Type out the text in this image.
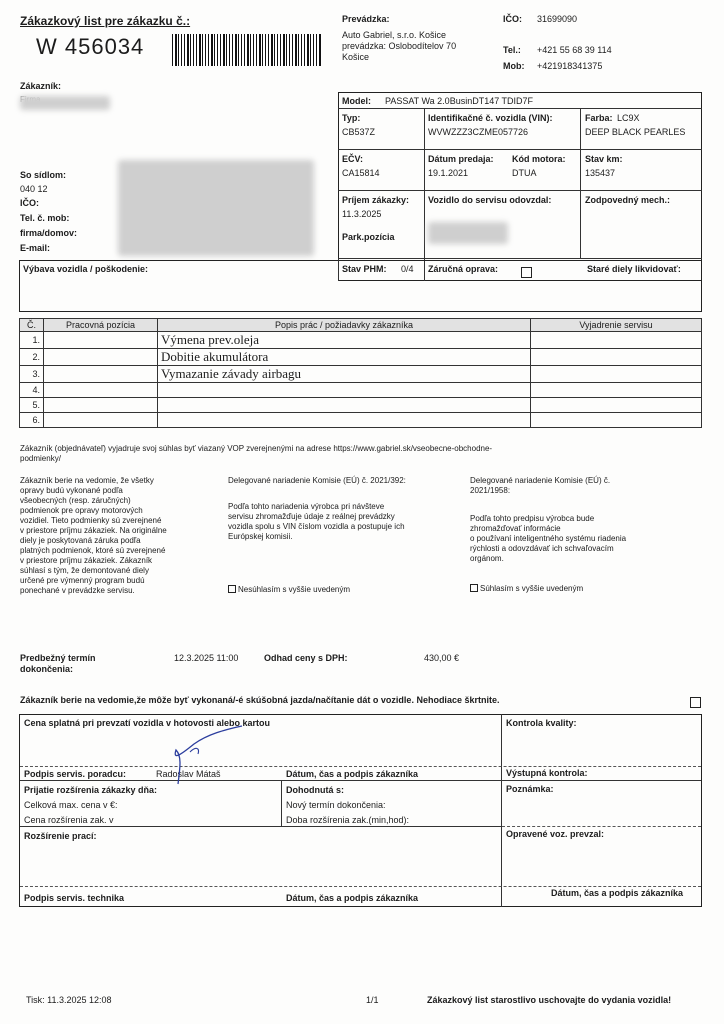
Zákazkový list pre zákazku č.:
W 456034
Prevádzka:
Auto Gabriel, s.r.o. Košice
prevádzka: Oslobodítelov 70
Košice
IČO: 31699090
Tel.: +421 55 68 39 114
Mob: +421918341375
Zákazník:
So sídlom:
040 12
IČO:
Tel. č. mob:
firma/domov:
E-mail:
Model: PASSAT Wa 2.0BusinDT147 TDID7F
Typ:
CB537Z
Identifikačné č. vozidla (VIN):
WVWZZZ3CZME057726
Farba: LC9X
DEEP BLACK PEARLES
EČV:
CA15814
Dátum predaja:
19.1.2021
Kód motora:
DTUA
Stav km:
135437
Príjem zákazky:
11.3.2025
Park.pozícia
Vozidlo do servisu odovzdal:	Zodpovedný mech.:
Stav PHM: 0/4 Záručná oprava:	Staré diely likvidovať:
Výbava vozidla / poškodenie:
Č.	Pracovná pozícia	Popis prác / požiadavky zákazníka	Vyjadrenie servisu
1.		Výmena prev.oleja	
2.		Dobitie akumulátora	
3.		Vymazanie závady airbagu	
4.			
5.			
6.			
Zákazník (objednávateľ) vyjadruje svoj súhlas byť viazaný VOP zverejnenými na adrese https://www.gabriel.sk/vseobecne-obchodne-
podmienky/
Zákazník berie na vedomie, že všetky
opravy budú vykonané podľa
všeobecných (resp. záručných)
podmienok pre opravy motorových
vozidiel. Tieto podmienky sú zverejnené
v priestore príjmu zákaziek. Na originálne
diely je poskytovaná záruka podľa
platných podmienok, ktoré sú zverejnené
v priestore príjmu zákaziek. Zákazník
súhlasí s tým, že demontované diely
určené pre výmenný program budú
ponechané v prevádzke servisu.
Delegované nariadenie Komisie (EÚ) č. 2021/392:
Podľa tohto nariadenia výrobca pri návšteve
servisu zhromažďuje údaje z reálnej prevádzky
vozidla spolu s VIN číslom vozidla a postupuje ich
Európskej komisii.
Nesúhlasím s vyššie uvedeným
Delegované nariadenie Komisie (EÚ) č.
2021/1958:
Podľa tohto predpisu výrobca bude
zhromažďovať informácie
o používaní inteligentného systému riadenia
rýchlosti a odovzdávať ich schvaľovacím
orgánom.
Súhlasím s vyššie uvedeným
Predbežný termín
dokončenia:
12.3.2025 11:00	Odhad ceny s DPH:	430,00 €
Zákazník berie na vedomie,že môže byť vykonaná/-é skúšobná jazda/načítanie dát o vozidle. Nehodiace škrtnite.
Cena splatná pri prevzatí vozidla v hotovosti alebo kartou	Kontrola kvality:
Podpis servis. poradcu:	Radoslav Mátaš	Dátum, čas a podpis zákazníka	Výstupná kontrola:
Prijatie rozšírenia zákazky dňa:
Celková max. cena v €:
Cena rozšírenia zak. v
Dohodnutá s:
Nový termín dokončenia:
Doba rozšírenia zak.(min,hod):
Poznámka:
Rozšírenie prací:	Opravené voz. prevzal:
Podpis servis. technika	Dátum, čas a podpis zákazníka	Dátum, čas a podpis zákazníka
Tisk: 11.3.2025 12:08	1/1	Zákazkový list starostlivo uschovajte do vydania vozidla!
